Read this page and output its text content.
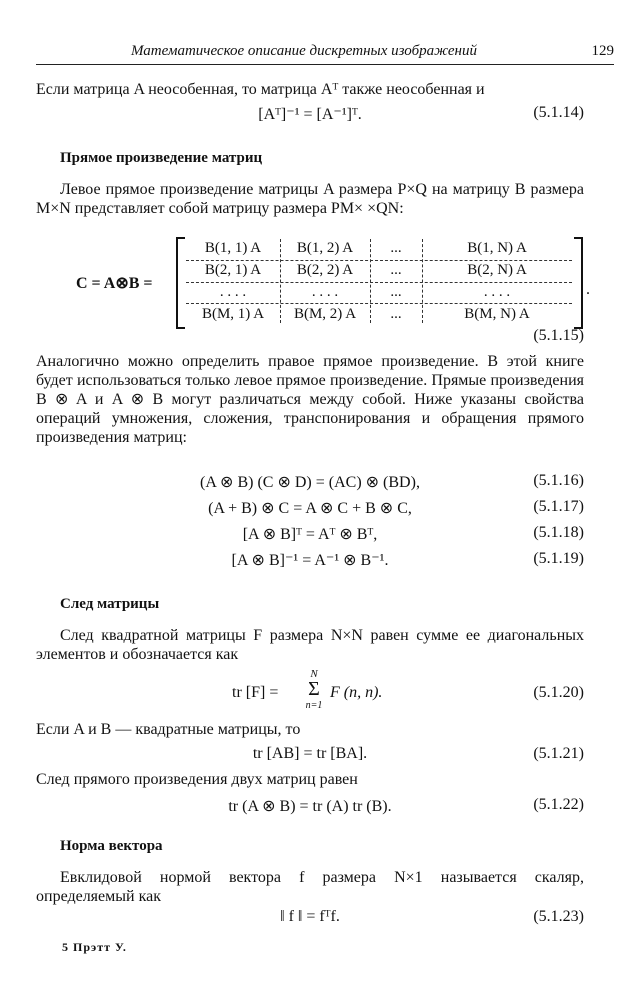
Математическое описание дискретных изображений	129

Если матрица A неособенная, то матрица Aᵀ также неособенная и

[Aᵀ]⁻¹ = [A⁻¹]ᵀ.	(5.1.14)
Прямое произведение матриц

Левое прямое произведение матрицы A размера P×Q на матрицу B размера M×N представляет собой матрицу размера PM× ×QN:

C = A⊗B =	.
B(1, 1) A	B(1, 2) A	...	B(1, N) A
B(2, 1) A	B(2, 2) A	...	B(2, N) A
. . . .	. . . .	...	. . . .
B(M, 1) A	B(M, 2) A	...	B(M, N) A
(5.1.15)

Аналогично можно определить правое прямое произведение. В этой книге будет использоваться только левое прямое произведение. Прямые произведения B ⊗ A и A ⊗ B могут различаться между собой. Ниже указаны свойства операций умножения, сложения, транспонирования и обращения прямого произведения матриц:

(A ⊗ B) (C ⊗ D) = (AC) ⊗ (BD),	(5.1.16)
(A + B) ⊗ C = A ⊗ C + B ⊗ C,	(5.1.17)
[A ⊗ B]ᵀ = Aᵀ ⊗ Bᵀ,	(5.1.18)
[A ⊗ B]⁻¹ = A⁻¹ ⊗ B⁻¹.	(5.1.19)
След матрицы

След квадратной матрицы F размера N×N равен сумме ее диагональных элементов и обозначается как

tr [F] =
N
Σ
n=1
F (n, n).	(5.1.20)

Если A и B — квадратные матрицы, то

tr [AB] = tr [BA].	(5.1.21)

След прямого произведения двух матриц равен

tr (A ⊗ B) = tr (A) tr (B).	(5.1.22)
Норма вектора

Евклидовой нормой вектора f размера N×1 называется скаляр, определяемый как

‖ f ‖ = fᵀf.	(5.1.23)
5 Прэтт У.
